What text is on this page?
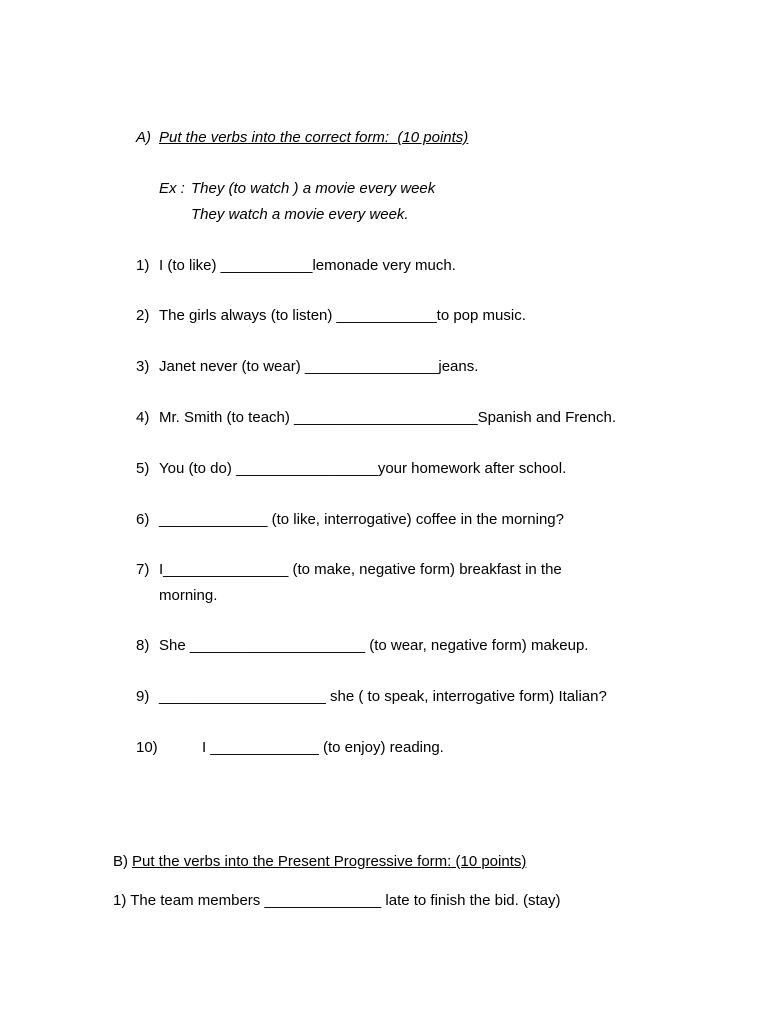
A) Put the verbs into the correct form:  (10 points)
Ex : They (to watch ) a movie every week
They watch a movie every week.
1) I (to like) ___________lemonade very much.
2) The girls always (to listen) ____________to pop music.
3) Janet never (to wear) ________________jeans.
4) Mr. Smith (to teach) ______________________Spanish and French.
5) You (to do) _________________your homework after school.
6) _____________ (to like, interrogative) coffee in the morning?
7) I_______________ (to make, negative form) breakfast in the
morning.
8) She _____________________ (to wear, negative form) makeup.
9) ____________________ she ( to speak, interrogative form) Italian?
10)	I _____________ (to enjoy) reading.
B) Put the verbs into the Present Progressive form: (10 points)
1) The team members ______________ late to finish the bid. (stay)
